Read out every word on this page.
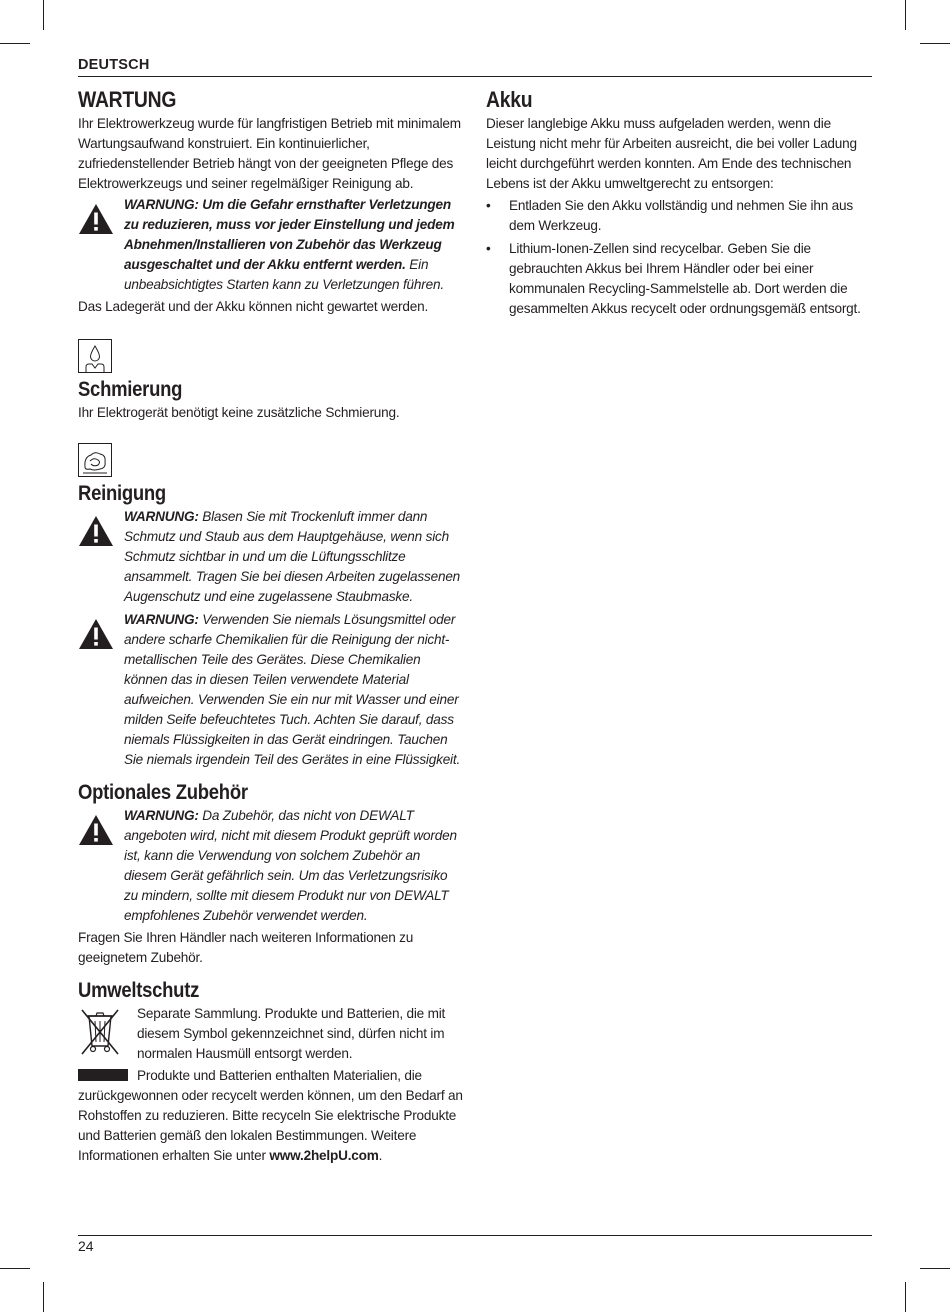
DEUTSCH
WARTUNG

Ihr Elektrowerkzeug wurde für langfristigen Betrieb mit minimalem Wartungsaufwand konstruiert. Ein kontinuierlicher, zufriedenstellender Betrieb hängt von der geeigneten Pflege des Elektrowerkzeugs und seiner regelmäßiger Reinigung ab.

WARNUNG: Um die Gefahr ernsthafter Verletzungen zu reduzieren, muss vor jeder Einstellung und jedem Abnehmen/Installieren von Zubehör das Werkzeug ausgeschaltet und der Akku entfernt werden. Ein unbeabsichtigtes Starten kann zu Verletzungen führen.

Das Ladegerät und der Akku können nicht gewartet werden.

Schmierung

Ihr Elektrogerät benötigt keine zusätzliche Schmierung.

Reinigung

WARNUNG: Blasen Sie mit Trockenluft immer dann Schmutz und Staub aus dem Hauptgehäuse, wenn sich Schmutz sichtbar in und um die Lüftungsschlitze ansammelt. Tragen Sie bei diesen Arbeiten zugelassenen Augenschutz und eine zugelassene Staubmaske.

WARNUNG: Verwenden Sie niemals Lösungsmittel oder andere scharfe Chemikalien für die Reinigung der nicht-metallischen Teile des Gerätes. Diese Chemikalien können das in diesen Teilen verwendete Material aufweichen. Verwenden Sie ein nur mit Wasser und einer milden Seife befeuchtetes Tuch. Achten Sie darauf, dass niemals Flüssigkeiten in das Gerät eindringen. Tauchen Sie niemals irgendein Teil des Gerätes in eine Flüssigkeit.

Optionales Zubehör

WARNUNG: Da Zubehör, das nicht von DEWALT angeboten wird, nicht mit diesem Produkt geprüft worden ist, kann die Verwendung von solchem Zubehör an diesem Gerät gefährlich sein. Um das Verletzungsrisiko zu mindern, sollte mit diesem Produkt nur von DEWALT empfohlenes Zubehör verwendet werden.

Fragen Sie Ihren Händler nach weiteren Informationen zu geeignetem Zubehör.

Umweltschutz

Separate Sammlung. Produkte und Batterien, die mit diesem Symbol gekennzeichnet sind, dürfen nicht im normalen Hausmüll entsorgt werden.

Produkte und Batterien enthalten Materialien, die zurückgewonnen oder recycelt werden können, um den Bedarf an Rohstoffen zu reduzieren. Bitte recyceln Sie elektrische Produkte und Batterien gemäß den lokalen Bestimmungen. Weitere Informationen erhalten Sie unter www.2helpU.com.

Akku

Dieser langlebige Akku muss aufgeladen werden, wenn die Leistung nicht mehr für Arbeiten ausreicht, die bei voller Ladung leicht durchgeführt werden konnten. Am Ende des technischen Lebens ist der Akku umweltgerecht zu entsorgen:

• Entladen Sie den Akku vollständig und nehmen Sie ihn aus dem Werkzeug.
• Lithium-Ionen-Zellen sind recycelbar. Geben Sie die gebrauchten Akkus bei Ihrem Händler oder bei einer kommunalen Recycling-Sammelstelle ab. Dort werden die gesammelten Akkus recycelt oder ordnungsgemäß entsorgt.
24
